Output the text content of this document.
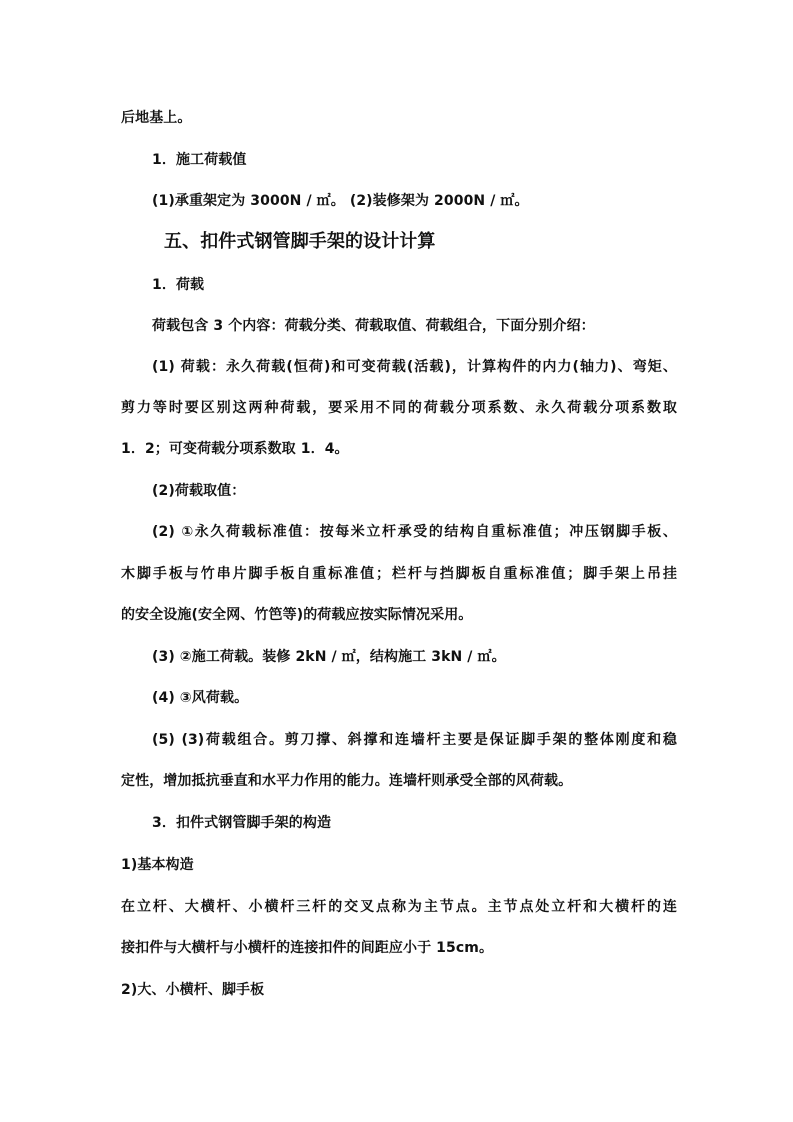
后地基上。
1．施工荷载值
(1)承重架定为 3000N / ㎡。 (2)装修架为 2000N / ㎡。
五、扣件式钢管脚手架的设计计算
1．荷载
荷载包含 3 个内容：荷载分类、荷载取值、荷载组合，下面分别介绍：
(1) 荷载：永久荷载(恒荷)和可变荷载(活载)，计算构件的内力(轴力)、弯矩、
剪力等时要区别这两种荷载，要采用不同的荷载分项系数、永久荷载分项系数取
1．2；可变荷载分项系数取 1．4。
(2)荷载取值：
(2) ①永久荷载标准值：按每米立杆承受的结构自重标准值；冲压钢脚手板、
木脚手板与竹串片脚手板自重标准值；栏杆与挡脚板自重标准值；脚手架上吊挂
的安全设施(安全网、竹笆等)的荷载应按实际情况采用。
(3) ②施工荷载。装修 2kN / ㎡，结构施工 3kN / ㎡。
(4) ③风荷载。
(5) (3)荷载组合。剪刀撑、斜撑和连墙杆主要是保证脚手架的整体刚度和稳
定性，增加抵抗垂直和水平力作用的能力。连墙杆则承受全部的风荷载。
3．扣件式钢管脚手架的构造
1)基本构造
在立杆、大横杆、小横杆三杆的交叉点称为主节点。主节点处立杆和大横杆的连
接扣件与大横杆与小横杆的连接扣件的间距应小于 15cm。
2)大、小横杆、脚手板
